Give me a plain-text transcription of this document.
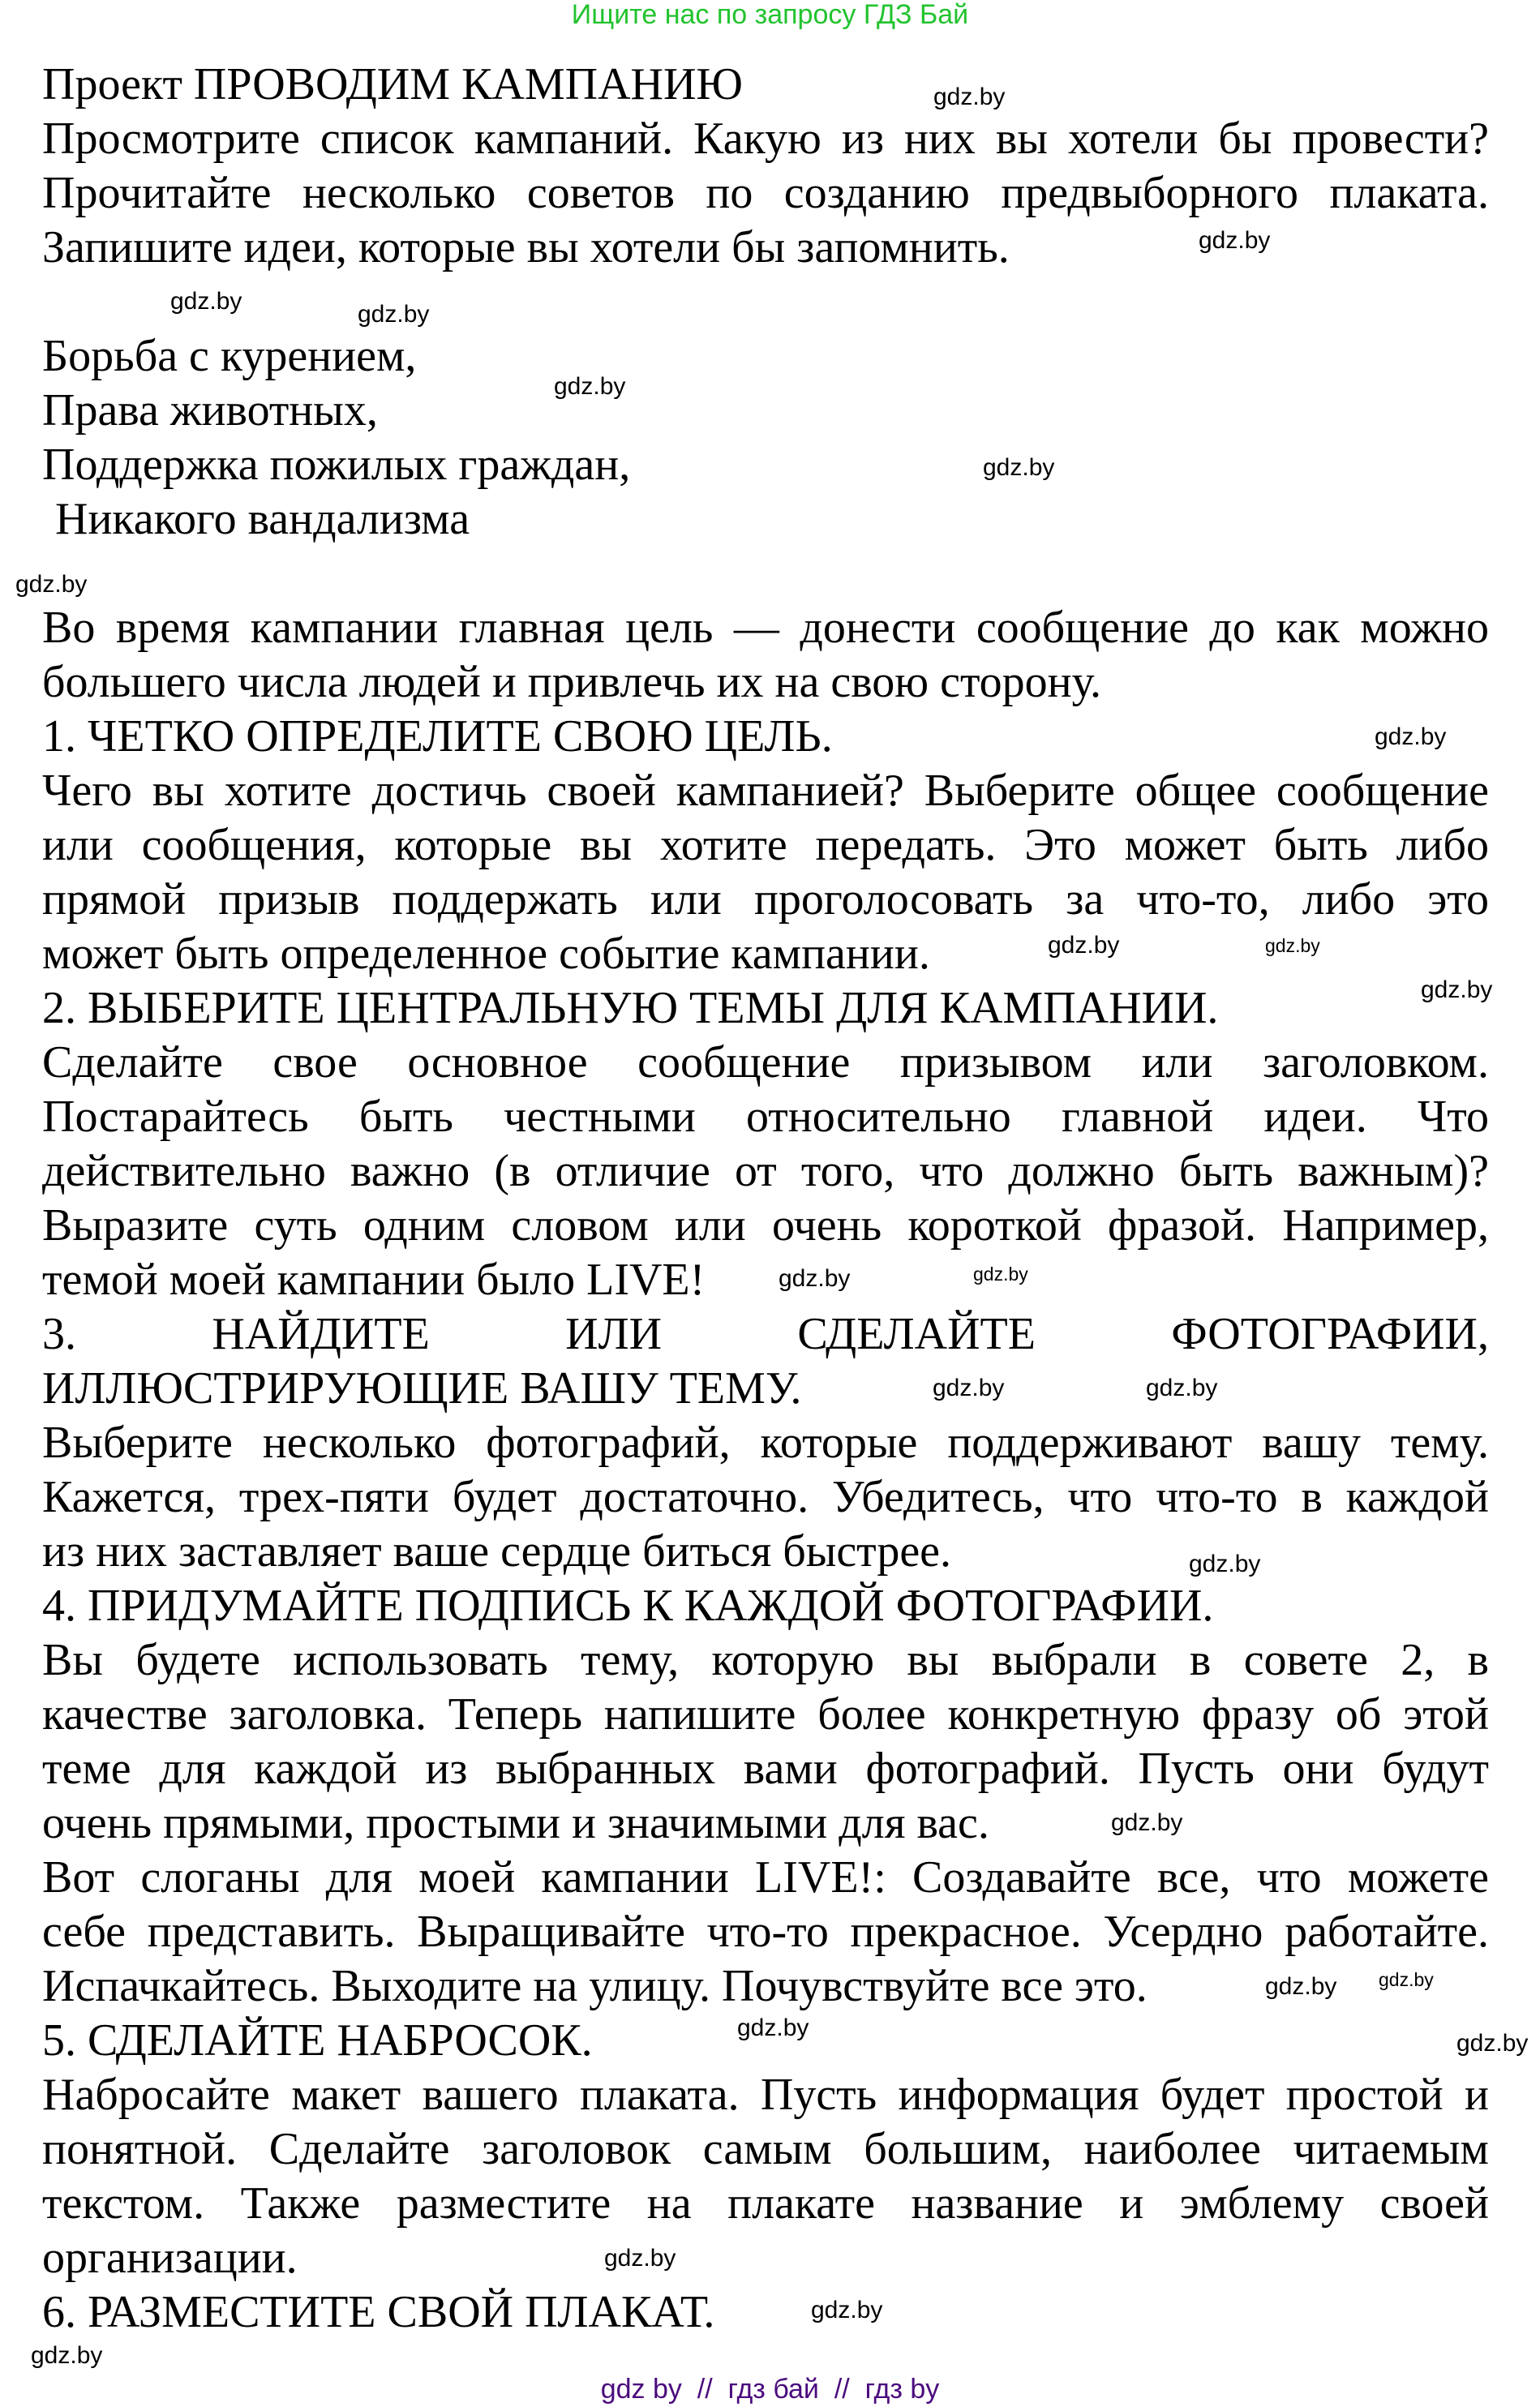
Ищите нас по запросу ГДЗ Бай
Проект ПРОВОДИМ КАМПАНИЮ
Просмотрите список кампаний. Какую из них вы хотели бы провести?
Прочитайте несколько советов по созданию предвыборного плаката.
Запишите идеи, которые вы хотели бы запомнить.
Борьба с курением,
Права животных,
Поддержка пожилых граждан,
Никакого вандализма
Во время кампании главная цель — донести сообщение до как можно
большего числа людей и привлечь их на свою сторону.
1. ЧЕТКО ОПРЕДЕЛИТЕ СВОЮ ЦЕЛЬ.
Чего вы хотите достичь своей кампанией? Выберите общее сообщение
или сообщения, которые вы хотите передать. Это может быть либо
прямой призыв поддержать или проголосовать за что-то, либо это
может быть определенное событие кампании.
2. ВЫБЕРИТЕ ЦЕНТРАЛЬНУЮ ТЕМЫ ДЛЯ КАМПАНИИ.
Сделайте свое основное сообщение призывом или заголовком.
Постарайтесь быть честными относительно главной идеи. Что
действительно важно (в отличие от того, что должно быть важным)?
Выразите суть одним словом или очень короткой фразой. Например,
темой моей кампании было LIVE!
3. НАЙДИТЕ ИЛИ СДЕЛАЙТЕ ФОТОГРАФИИ,
ИЛЛЮСТРИРУЮЩИЕ ВАШУ ТЕМУ.
Выберите несколько фотографий, которые поддерживают вашу тему.
Кажется, трех-пяти будет достаточно. Убедитесь, что что-то в каждой
из них заставляет ваше сердце биться быстрее.
4. ПРИДУМАЙТЕ ПОДПИСЬ К КАЖДОЙ ФОТОГРАФИИ.
Вы будете использовать тему, которую вы выбрали в совете 2, в
качестве заголовка. Теперь напишите более конкретную фразу об этой
теме для каждой из выбранных вами фотографий. Пусть они будут
очень прямыми, простыми и значимыми для вас.
Вот слоганы для моей кампании LIVE!: Создавайте все, что можете
себе представить. Выращивайте что-то прекрасное. Усердно работайте.
Испачкайтесь. Выходите на улицу. Почувствуйте все это.
5. СДЕЛАЙТЕ НАБРОСОК.
Набросайте макет вашего плаката. Пусть информация будет простой и
понятной. Сделайте заголовок самым большим, наиболее читаемым
текстом. Также разместите на плакате название и эмблему своей
организации.
6. РАЗМЕСТИТЕ СВОЙ ПЛАКАТ.
gdz.by
gdz.by
gdz.by	gdz.by
gdz.by
gdz.by
gdz.by
gdz.by
gdz.by
gdz.by
gdz.by
gdz.by
gdz.by
gdz.by	gdz.by
gdz.by
gdz.by
gdz.by
gdz.by
gdz.by
gdz.by
gdz.by
gdz.by
gdz.by
gdz by  //  гдз бай  //  гдз by
